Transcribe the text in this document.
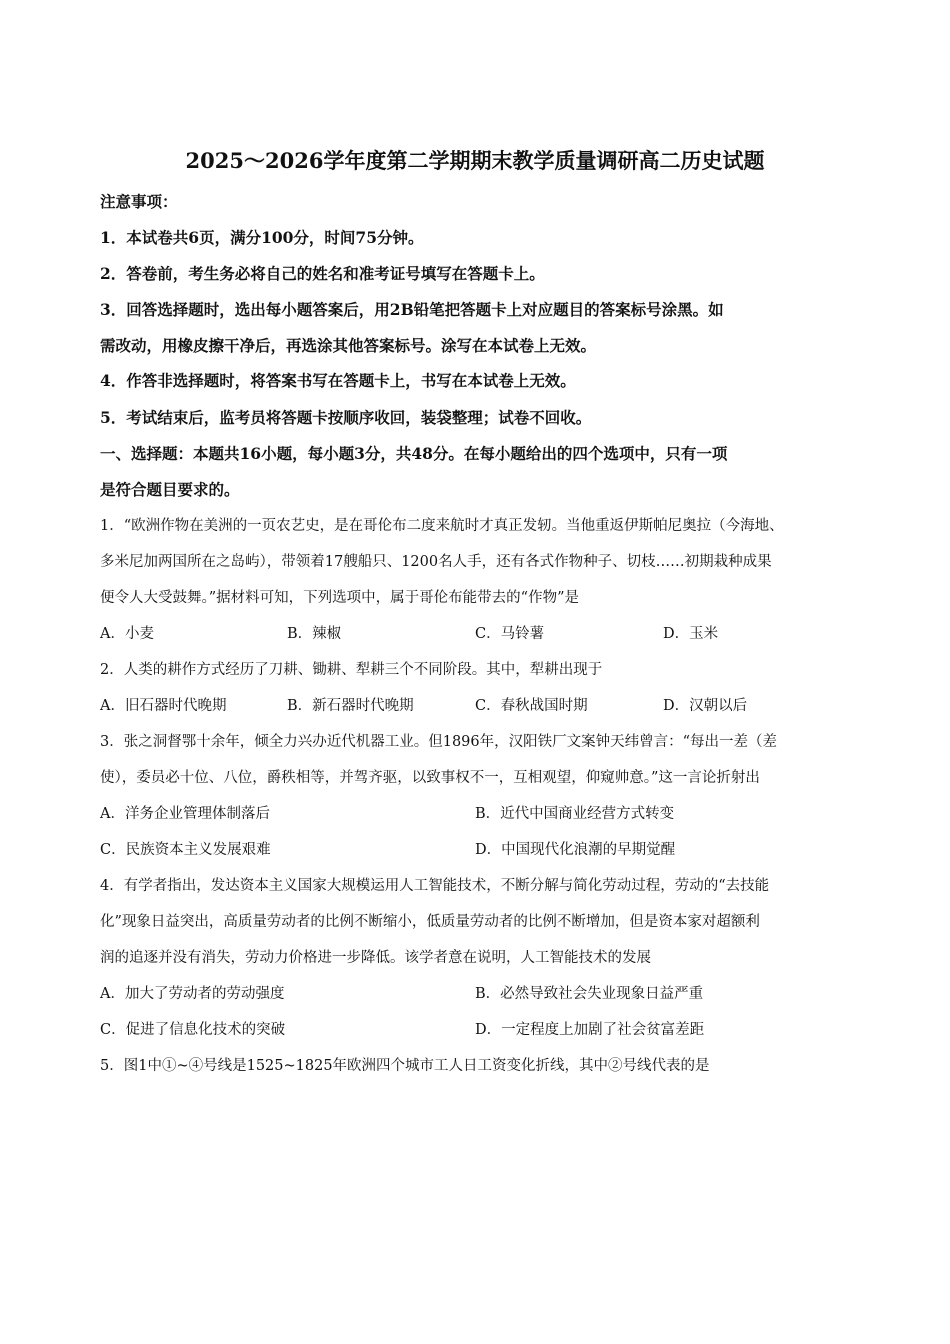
2025～2026学年度第二学期期末教学质量调研高二历史试题
注意事项：
1．本试卷共6页，满分100分，时间75分钟。
2．答卷前，考生务必将自己的姓名和准考证号填写在答题卡上。
3．回答选择题时，选出每小题答案后，用2B铅笔把答题卡上对应题目的答案标号涂黑。如
需改动，用橡皮擦干净后，再选涂其他答案标号。涂写在本试卷上无效。
4．作答非选择题时，将答案书写在答题卡上，书写在本试卷上无效。
5．考试结束后，监考员将答题卡按顺序收回，装袋整理；试卷不回收。
一、选择题：本题共16小题，每小题3分，共48分。在每小题给出的四个选项中，只有一项
是符合题目要求的。
1．“欧洲作物在美洲的一页农艺史，是在哥伦布二度来航时才真正发轫。当他重返伊斯帕尼奥拉（今海地、
多米尼加两国所在之岛屿），带领着17艘船只、1200名人手，还有各式作物种子、切枝……初期栽种成果
便令人大受鼓舞。”据材料可知，下列选项中，属于哥伦布能带去的“作物”是
A．小麦	B．辣椒	C．马铃薯	D．玉米
2．人类的耕作方式经历了刀耕、锄耕、犁耕三个不同阶段。其中，犁耕出现于
A．旧石器时代晚期	B．新石器时代晚期	C．春秋战国时期	D．汉朝以后
3．张之洞督鄂十余年，倾全力兴办近代机器工业。但1896年，汉阳铁厂文案钟天纬曾言：“每出一差（差
使），委员必十位、八位，爵秩相等，并驾齐驱，以致事权不一，互相观望，仰窥帅意。”这一言论折射出
A．洋务企业管理体制落后	B．近代中国商业经营方式转变
C．民族资本主义发展艰难	D．中国现代化浪潮的早期觉醒
4．有学者指出，发达资本主义国家大规模运用人工智能技术，不断分解与简化劳动过程，劳动的“去技能
化”现象日益突出，高质量劳动者的比例不断缩小，低质量劳动者的比例不断增加，但是资本家对超额利
润的追逐并没有消失，劳动力价格进一步降低。该学者意在说明，人工智能技术的发展
A．加大了劳动者的劳动强度	B．必然导致社会失业现象日益严重
C．促进了信息化技术的突破	D．一定程度上加剧了社会贫富差距
5．图1中①~④号线是1525~1825年欧洲四个城市工人日工资变化折线，其中②号线代表的是
